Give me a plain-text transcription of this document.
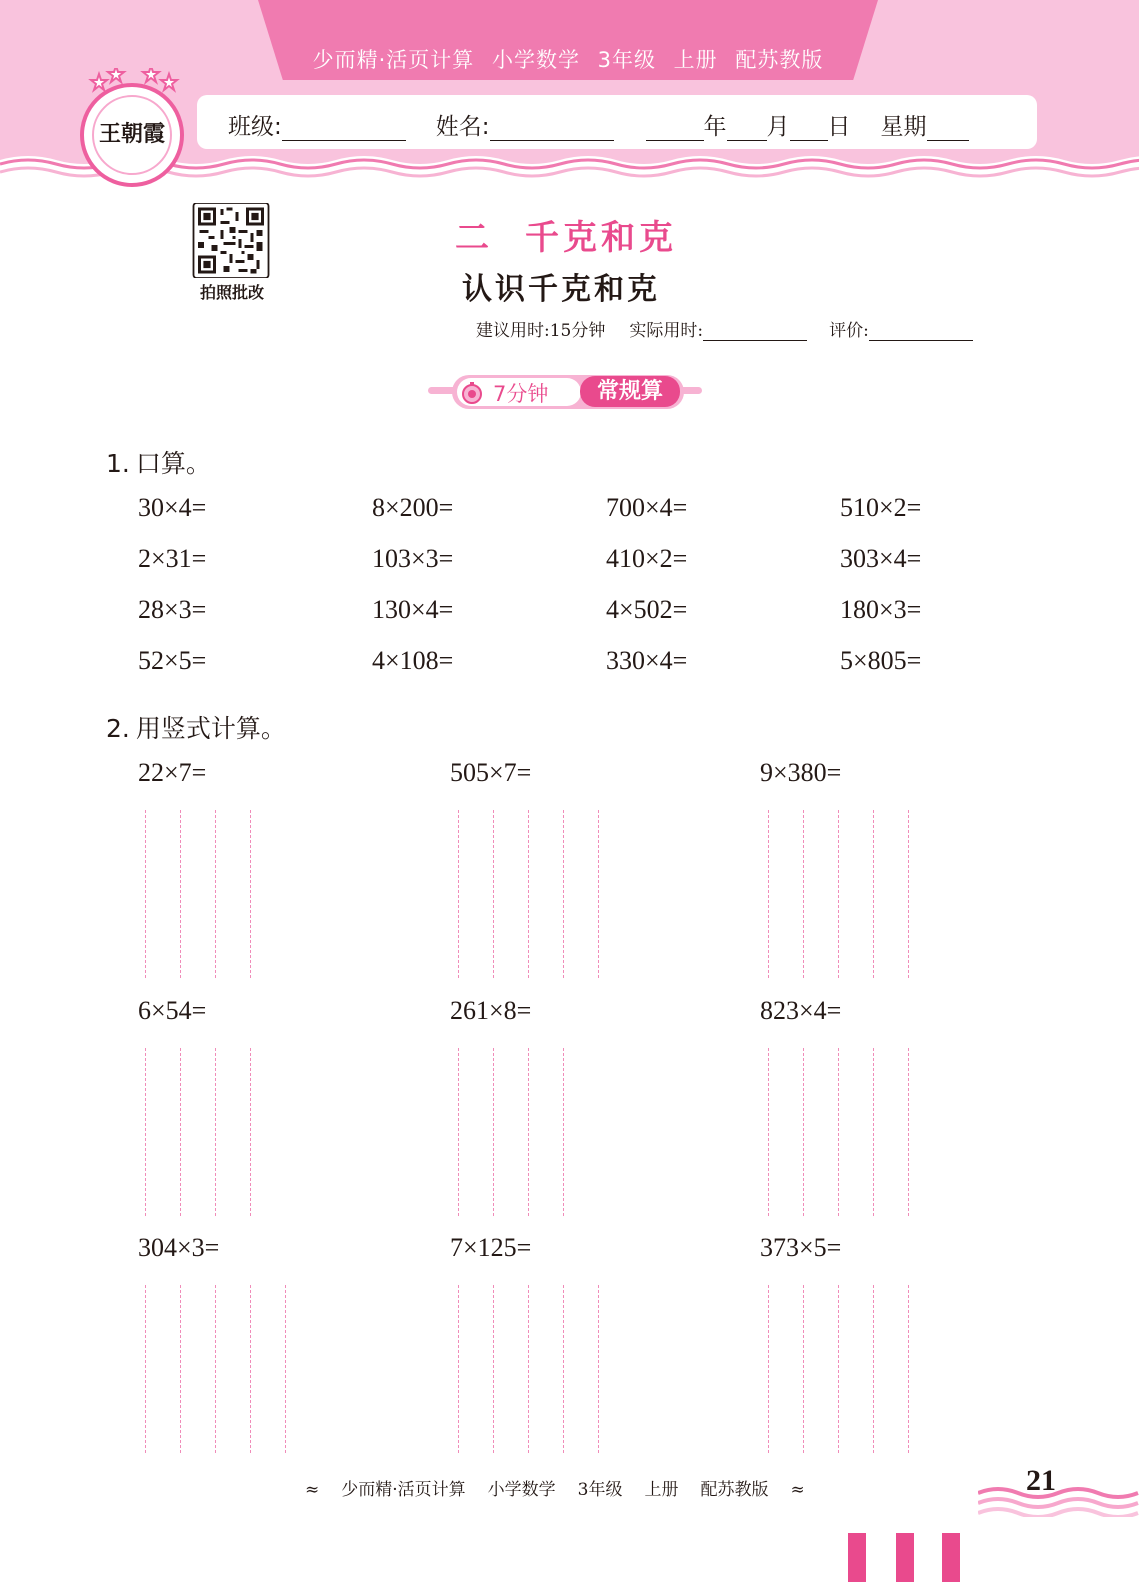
少而精·活页计算 小学数学 3年级 上册 配苏教版
班级:	姓名:	年 月 日 星期
王朝霞
拍照批改
二 千克和克
认识千克和克
建议用时:15分钟 实际用时:	评价:
7分钟	常规算
1. 口算。
30×4=	8×200=	700×4=	510×2=
2×31=	103×3=	410×2=	303×4=
28×3=	130×4=	4×502=	180×3=
52×5=	4×108=	330×4=	5×805=
2. 用竖式计算。
22×7=	505×7=	9×380=
6×54=	261×8=	823×4=
304×3=	7×125=	373×5=
≈ 少而精·活页计算 小学数学 3年级 上册 配苏教版 ≈	21
